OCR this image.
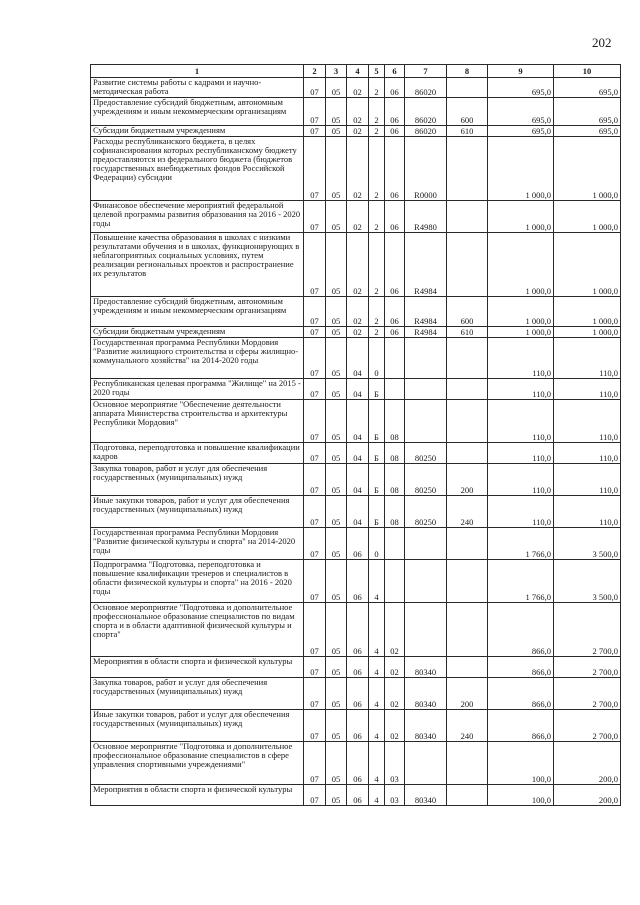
202
1	2	3	4	5	6	7	8	9	10
Развитие системы работы с кадрами и научно-методическая работа	07	05	02	2	06	86020		695,0	695,0
Предоставление субсидий бюджетным, автономным учреждениям и иным некоммерческим организациям	07	05	02	2	06	86020	600	695,0	695,0
Субсидии бюджетным учреждениям	07	05	02	2	06	86020	610	695,0	695,0
Расходы республиканского бюджета, в целях софинансирования которых республиканскому бюджету предоставляются из федерального бюджета (бюджетов государственных внебюджетных фондов Российской Федерации) субсидии	07	05	02	2	06	R0000		1 000,0	1 000,0
Финансовое обеспечение мероприятий федеральной целевой программы развития образования на 2016 - 2020 годы	07	05	02	2	06	R4980		1 000,0	1 000,0
Повышение качества образования в школах с низкими результатами обучения и в школах, функционирующих в неблагоприятных социальных условиях, путем реализации региональных проектов и распространение их результатов	07	05	02	2	06	R4984		1 000,0	1 000,0
Предоставление субсидий бюджетным, автономным учреждениям и иным некоммерческим организациям	07	05	02	2	06	R4984	600	1 000,0	1 000,0
Субсидии бюджетным учреждениям	07	05	02	2	06	R4984	610	1 000,0	1 000,0
Государственная программа Республики Мордовия "Развитие жилищного строительства и сферы жилищно-коммунального хозяйства" на 2014-2020 годы	07	05	04	0				110,0	110,0
Республиканская целевая программа "Жилище" на 2015 - 2020 годы	07	05	04	Б				110,0	110,0
Основное мероприятие "Обеспечение деятельности аппарата Министерства строительства и архитектуры Республики Мордовия"	07	05	04	Б	08			110,0	110,0
Подготовка, переподготовка и повышение квалификации кадров	07	05	04	Б	08	80250		110,0	110,0
Закупка товаров, работ и услуг для обеспечения государственных (муниципальных) нужд	07	05	04	Б	08	80250	200	110,0	110,0
Иные закупки товаров, работ и услуг для обеспечения государственных (муниципальных) нужд	07	05	04	Б	08	80250	240	110,0	110,0
Государственная программа Республики Мордовия "Развитие физической культуры и спорта" на 2014-2020 годы	07	05	06	0				1 766,0	3 500,0
Подпрограмма "Подготовка, переподготовка и повышение квалификации тренеров и специалистов в области физической культуры и спорта" на 2016 - 2020 годы	07	05	06	4				1 766,0	3 500,0
Основное мероприятие "Подготовка и дополнительное профессиональное образование специалистов по видам спорта и в области адаптивной физической культуры и спорта"	07	05	06	4	02			866,0	2 700,0
Мероприятия в области спорта и физической культуры	07	05	06	4	02	80340		866,0	2 700,0
Закупка товаров, работ и услуг для обеспечения государственных (муниципальных) нужд	07	05	06	4	02	80340	200	866,0	2 700,0
Иные закупки товаров, работ и услуг для обеспечения государственных (муниципальных) нужд	07	05	06	4	02	80340	240	866,0	2 700,0
Основное мероприятие "Подготовка и дополнительное профессиональное образование специалистов в сфере управления спортивными учреждениями"	07	05	06	4	03			100,0	200,0
Мероприятия в области спорта и физической культуры	07	05	06	4	03	80340		100,0	200,0
